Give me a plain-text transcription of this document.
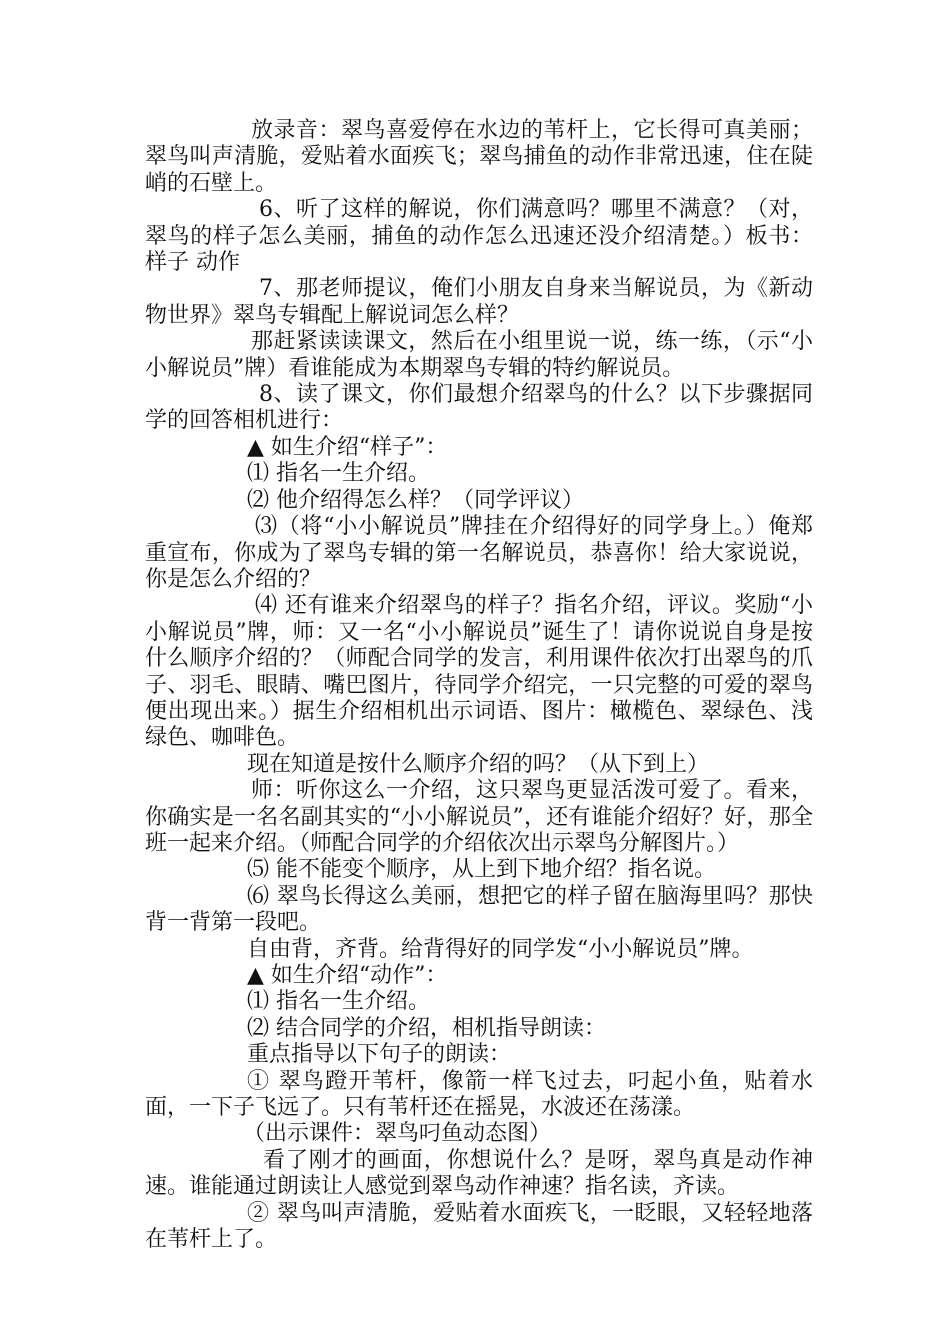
放录音：翠鸟喜爱停在水边的苇杆上，它长得可真美丽；翠鸟叫声清脆，爱贴着水面疾飞；翠鸟捕鱼的动作非常迅速，住在陡峭的石壁上。

6、听了这样的解说，你们满意吗？哪里不满意？（对，翠鸟的样子怎么美丽，捕鱼的动作怎么迅速还没介绍清楚。）板书：样子 动作

7、那老师提议，俺们小朋友自身来当解说员，为《新动物世界》翠鸟专辑配上解说词怎么样？

那赶紧读读课文，然后在小组里说一说，练一练，（示“小小解说员”牌）看谁能成为本期翠鸟专辑的特约解说员。

8、读了课文，你们最想介绍翠鸟的什么？以下步骤据同学的回答相机进行：

▲ 如生介绍“样子”：

⑴ 指名一生介绍。

⑵ 他介绍得怎么样？（同学评议）

⑶（将“小小解说员”牌挂在介绍得好的同学身上。）俺郑重宣布，你成为了翠鸟专辑的第一名解说员，恭喜你！给大家说说，你是怎么介绍的？

⑷ 还有谁来介绍翠鸟的样子？指名介绍，评议。奖励“小小解说员”牌，师：又一名“小小解说员”诞生了！请你说说自身是按什么顺序介绍的？（师配合同学的发言，利用课件依次打出翠鸟的爪子、羽毛、眼睛、嘴巴图片，待同学介绍完，一只完整的可爱的翠鸟便出现出来。）据生介绍相机出示词语、图片：橄榄色、翠绿色、浅绿色、咖啡色。

现在知道是按什么顺序介绍的吗？（从下到上）

师：听你这么一介绍，这只翠鸟更显活泼可爱了。看来，你确实是一名名副其实的“小小解说员”，还有谁能介绍好？好，那全班一起来介绍。（师配合同学的介绍依次出示翠鸟分解图片。）

⑸ 能不能变个顺序，从上到下地介绍？指名说。

⑹ 翠鸟长得这么美丽，想把它的样子留在脑海里吗？那快背一背第一段吧。

自由背，齐背。给背得好的同学发“小小解说员”牌。

▲ 如生介绍“动作”：

⑴ 指名一生介绍。

⑵ 结合同学的介绍，相机指导朗读：

重点指导以下句子的朗读：

① 翠鸟蹬开苇杆，像箭一样飞过去，叼起小鱼，贴着水面，一下子飞远了。只有苇杆还在摇晃，水波还在荡漾。

（出示课件：翠鸟叼鱼动态图）

看了刚才的画面，你想说什么？是呀，翠鸟真是动作神速。谁能通过朗读让人感觉到翠鸟动作神速？指名读，齐读。

② 翠鸟叫声清脆，爱贴着水面疾飞，一眨眼，又轻轻地落在苇杆上了。
